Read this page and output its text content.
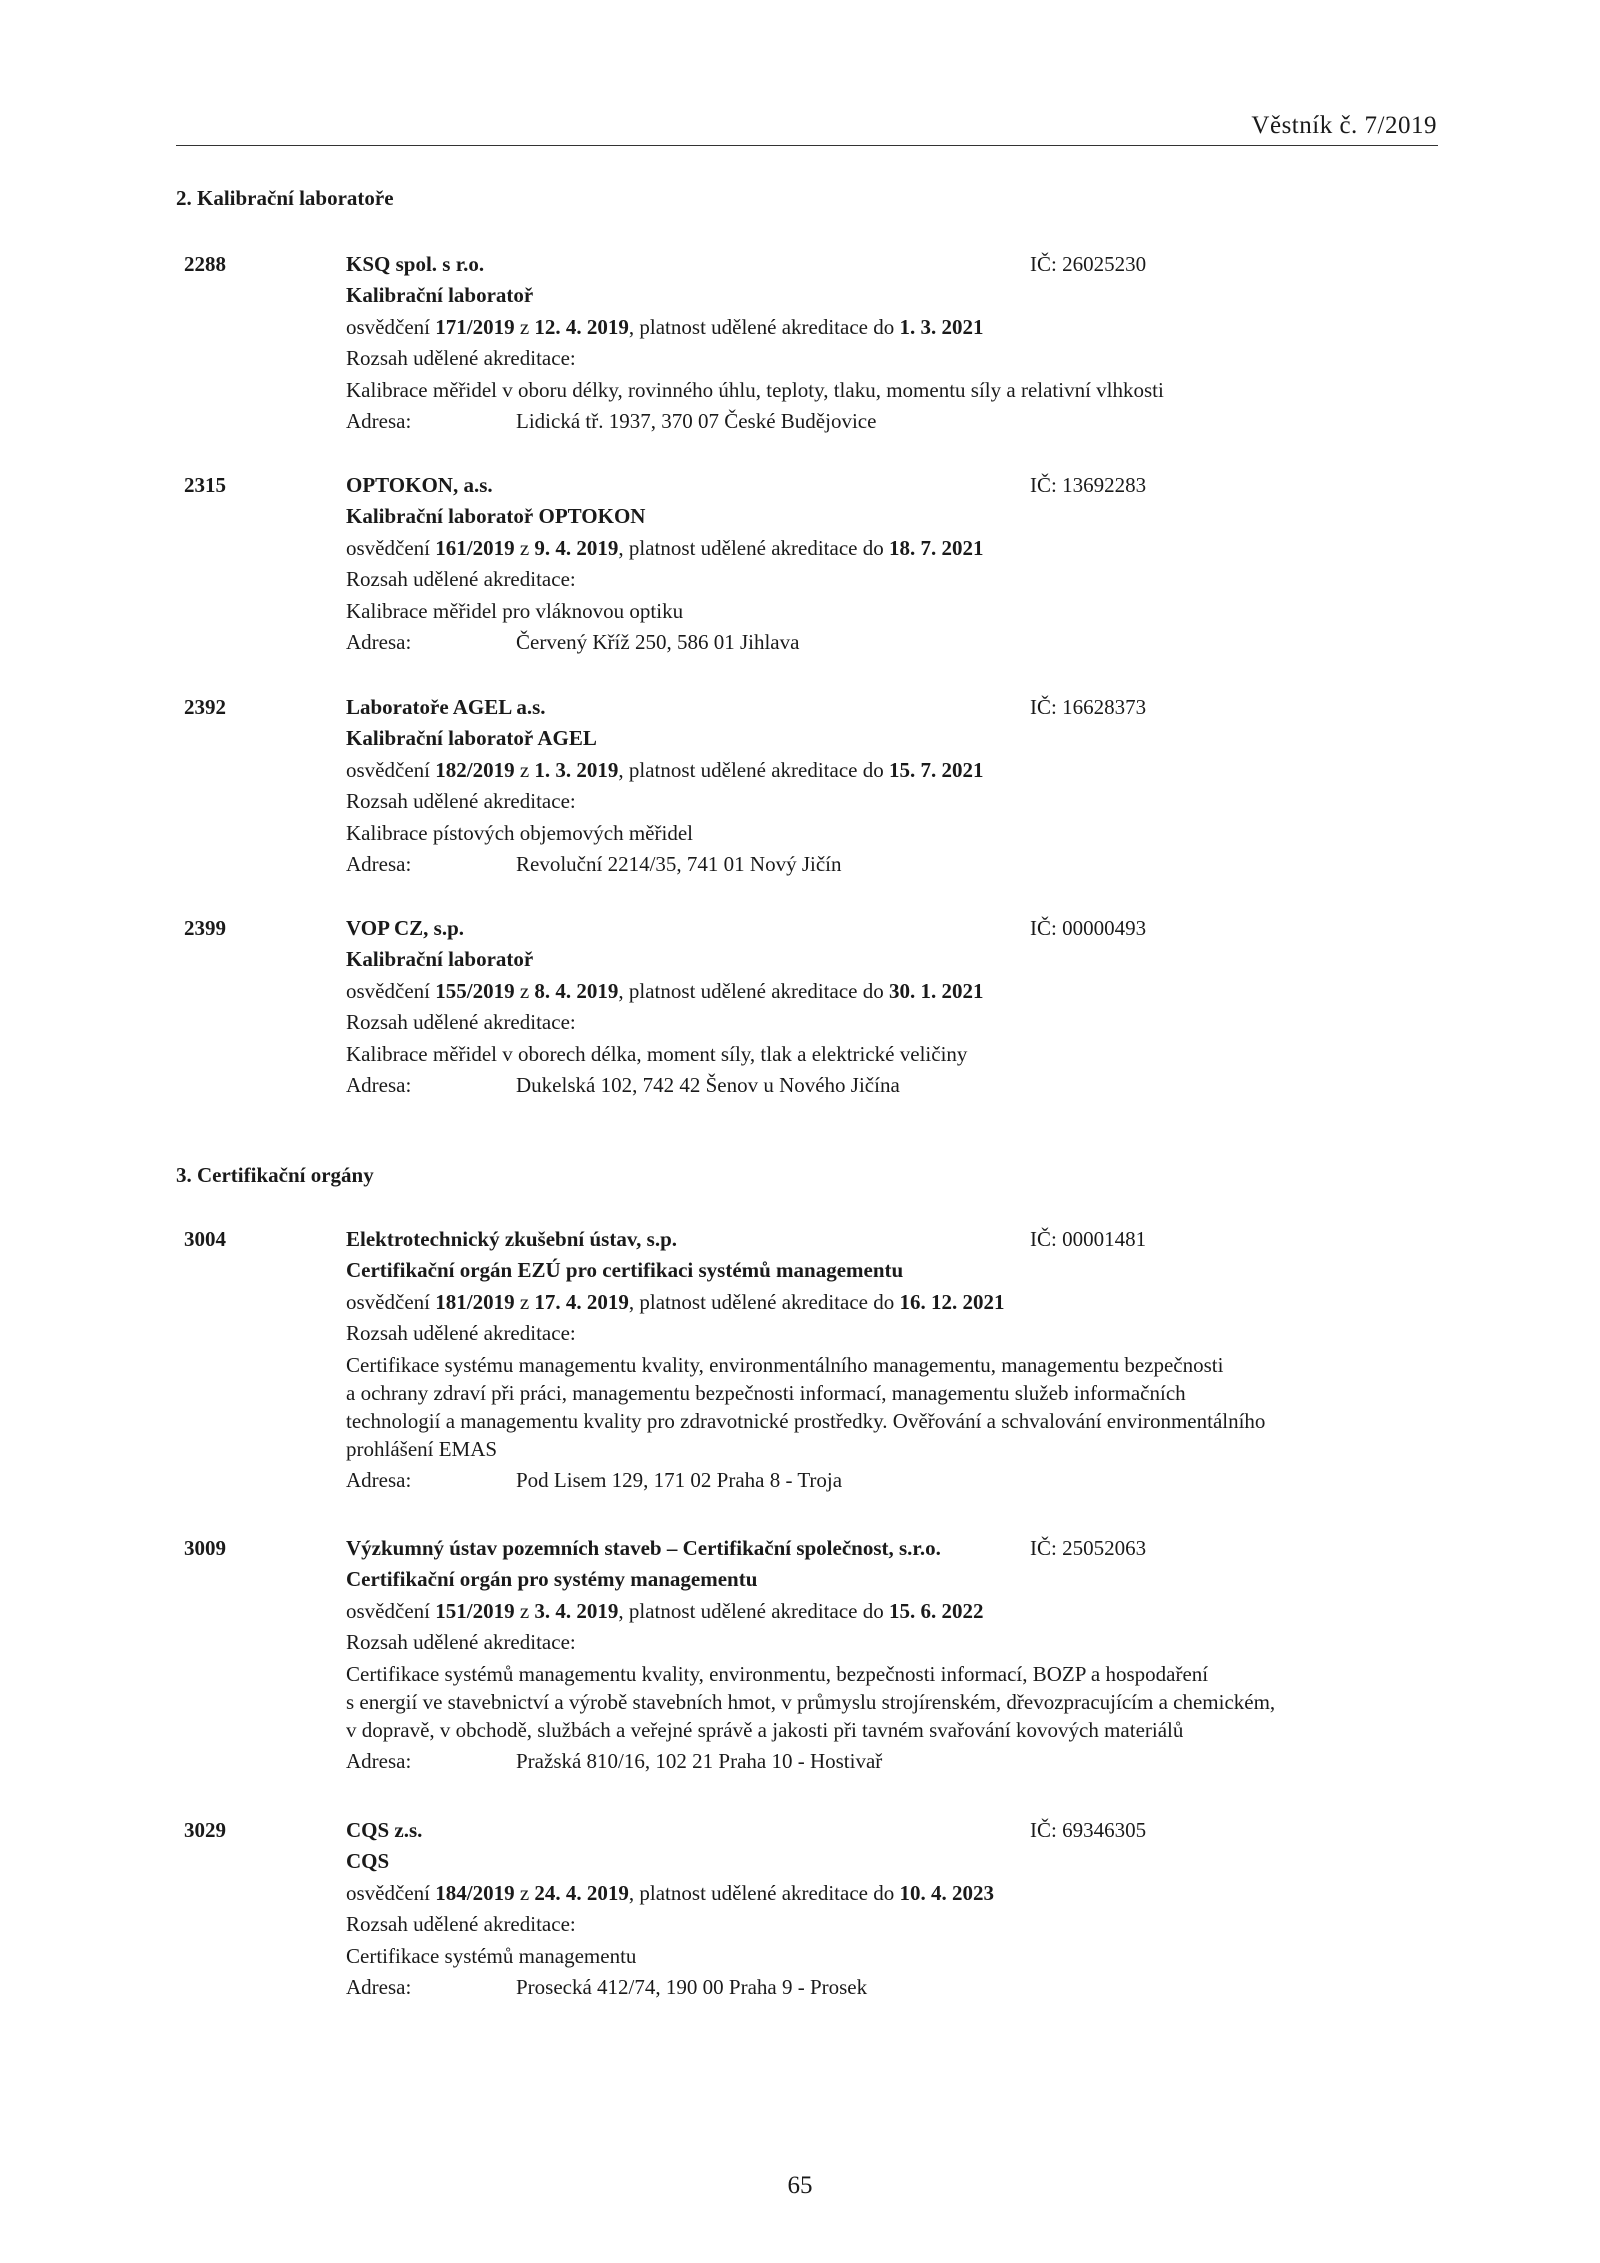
Věstník č. 7/2019
2. Kalibrační laboratoře
2288	KSQ spol. s r.o.	IČ: 26025230
Kalibrační laboratoř
osvědčení 171/2019 z 12. 4. 2019, platnost udělené akreditace do 1. 3. 2021
Rozsah udělené akreditace:
Kalibrace měřidel v oboru délky, rovinného úhlu, teploty, tlaku, momentu síly a relativní vlhkosti
Adresa:	Lidická tř. 1937, 370 07 České Budějovice
2315	OPTOKON, a.s.	IČ: 13692283
Kalibrační laboratoř OPTOKON
osvědčení 161/2019 z 9. 4. 2019, platnost udělené akreditace do 18. 7. 2021
Rozsah udělené akreditace:
Kalibrace měřidel pro vláknovou optiku
Adresa:	Červený Kříž 250, 586 01 Jihlava
2392	Laboratoře AGEL a.s.	IČ: 16628373
Kalibrační laboratoř AGEL
osvědčení 182/2019 z 1. 3. 2019, platnost udělené akreditace do 15. 7. 2021
Rozsah udělené akreditace:
Kalibrace pístových objemových měřidel
Adresa:	Revoluční 2214/35, 741 01 Nový Jičín
2399	VOP CZ, s.p.	IČ: 00000493
Kalibrační laboratoř
osvědčení 155/2019 z 8. 4. 2019, platnost udělené akreditace do 30. 1. 2021
Rozsah udělené akreditace:
Kalibrace měřidel v oborech délka, moment síly, tlak a elektrické veličiny
Adresa:	Dukelská 102, 742 42 Šenov u Nového Jičína
3. Certifikační orgány
3004	Elektrotechnický zkušební ústav, s.p.	IČ: 00001481
Certifikační orgán EZÚ pro certifikaci systémů managementu
osvědčení 181/2019 z 17. 4. 2019, platnost udělené akreditace do 16. 12. 2021
Rozsah udělené akreditace:
Certifikace systému managementu kvality, environmentálního managementu, managementu bezpečnosti
a ochrany zdraví při práci, managementu bezpečnosti informací, managementu služeb informačních
technologií a managementu kvality pro zdravotnické prostředky. Ověřování a schvalování environmentálního
prohlášení EMAS
Adresa:	Pod Lisem 129, 171 02 Praha 8 - Troja
3009	Výzkumný ústav pozemních staveb – Certifikační společnost, s.r.o.	IČ: 25052063
Certifikační orgán pro systémy managementu
osvědčení 151/2019 z 3. 4. 2019, platnost udělené akreditace do 15. 6. 2022
Rozsah udělené akreditace:
Certifikace systémů managementu kvality, environmentu, bezpečnosti informací, BOZP a hospodaření
s energií ve stavebnictví a výrobě stavebních hmot, v průmyslu strojírenském, dřevozpracujícím a chemickém,
v dopravě, v obchodě, službách a veřejné správě a jakosti při tavném svařování kovových materiálů
Adresa:	Pražská 810/16, 102 21 Praha 10 - Hostivař
3029	CQS z.s.	IČ: 69346305
CQS
osvědčení 184/2019 z 24. 4. 2019, platnost udělené akreditace do 10. 4. 2023
Rozsah udělené akreditace:
Certifikace systémů managementu
Adresa:	Prosecká 412/74, 190 00 Praha 9 - Prosek
65
